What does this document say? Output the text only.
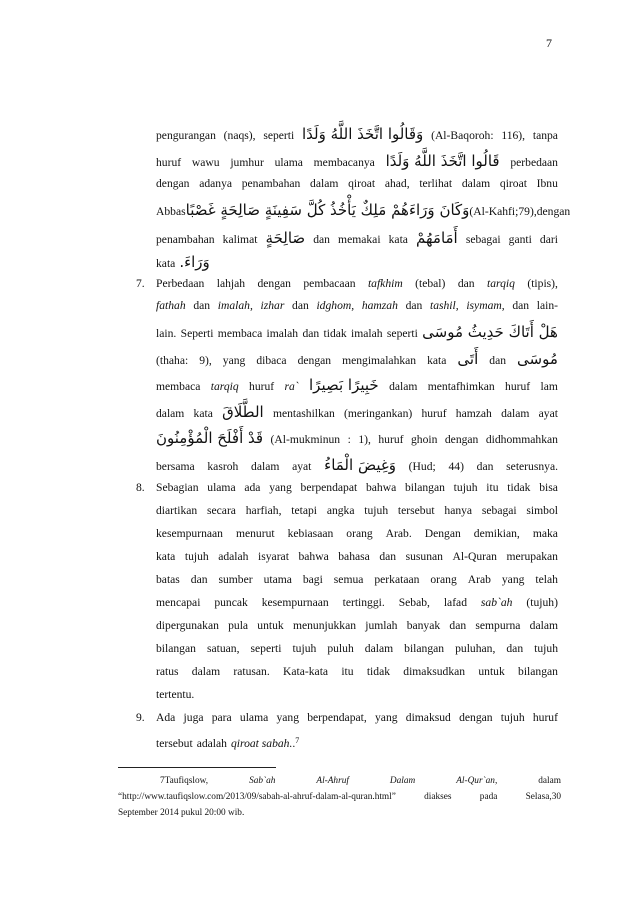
7
pengurangan (naqs), seperti وَقَالُوا اتَّخَذَ اللَّهُ وَلَدًا (Al-Baqoroh: 116), tanpa
huruf wawu jumhur ulama membacanya قَالُوا اتَّخَذَ اللَّهُ وَلَدًا perbedaan
dengan adanya penambahan dalam qiroat ahad, terlihat dalam qiroat Ibnu
Abbas وَكَانَ وَرَاءَهُمْ مَلِكٌ يَأْخُذُ كُلَّ سَفِينَةٍ صَالِحَةٍ غَصْبًا (Al-Kahfi; 79), dengan
penambahan kalimat صَالِحَةٍ dan memakai kata أَمَامَهُمْ sebagai ganti dari
kata وَرَاءَ.
7. Perbedaan lahjah dengan pembacaan tafkhim (tebal) dan tarqiq (tipis),
fathah dan imalah, izhar dan idghom, hamzah dan tashil, isymam, dan lain-
lain. Seperti membaca imalah dan tidak imalah seperti هَلْ أَتَاكَ حَدِيثُ مُوسَى
(thaha: 9), yang dibaca dengan mengimalahkan kata أَتَى dan مُوسَى
membaca tarqiq huruf ra` خَبِيرًا بَصِيرًا dalam mentafhimkan huruf lam
dalam kata الطَّلَاقَ mentashilkan (meringankan) huruf hamzah dalam ayat
قَدْ أَفْلَحَ الْمُؤْمِنُونَ (Al-mukminun : 1), huruf ghoin dengan didhommahkan
bersama kasroh dalam ayat وَغِيضَ الْمَاءُ (Hud; 44) dan seterusnya.
8. Sebagian ulama ada yang berpendapat bahwa bilangan tujuh itu tidak bisa
diartikan secara harfiah, tetapi angka tujuh tersebut hanya sebagai simbol
kesempurnaan menurut kebiasaan orang Arab. Dengan demikian, maka
kata tujuh adalah isyarat bahwa bahasa dan susunan Al-Quran merupakan
batas dan sumber utama bagi semua perkataan orang Arab yang telah
mencapai puncak kesempurnaan tertinggi. Sebab, lafad sab`ah (tujuh)
dipergunakan pula untuk menunjukkan jumlah banyak dan sempurna dalam
bilangan satuan, seperti tujuh puluh dalam bilangan puluhan, dan tujuh
ratus dalam ratusan. Kata-kata itu tidak dimaksudkan untuk bilangan
tertentu.
9. Ada juga para ulama yang berpendapat, yang dimaksud dengan tujuh huruf
tersebut adalah qiroat sabah..$^7$
7Taufiqslow,	Sab`ah	Al-Ahruf	Dalam	Al-Qur`an,	dalam
“http://www.taufiqslow.com/2013/09/sabah-al-ahruf-dalam-al-quran.html”	diakses	pada	Selasa,30
September 2014 pukul 20:00 wib.
